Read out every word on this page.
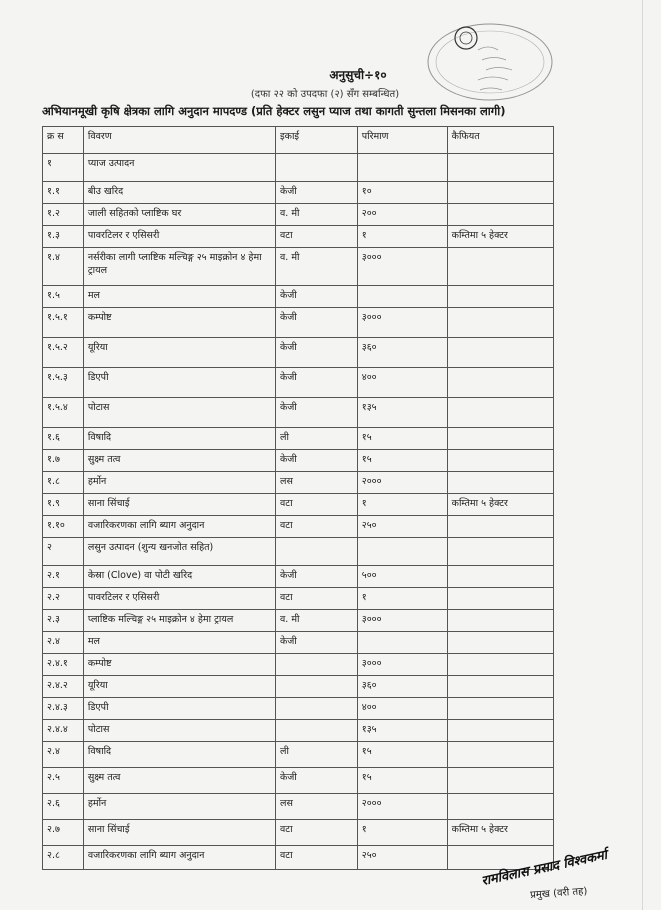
अनुसुची÷१०
(दफा २२ को उपदफा (२) सँग सम्बन्धित)
अभियानमूखी कृषि क्षेत्रका लागि अनुदान मापदण्ड (प्रति हेक्टर लसुन प्याज तथा कागती सुन्तला मिसनका लागी)
क्र स	विवरण	इकाई	परिमाण	कैफियत
१	प्याज उत्पादन			
१.१	बीउ खरिद	केजी	१०	
१.२	जाली सहितको प्लाष्टिक घर	व. मी	२००	
१.३	पावरटिलर र एसिसरी	वटा	१	कम्तिमा ५ हेक्टर
१.४	नर्सरीका लागी प्लाष्टिक मल्चिङ्ग २५ माइक्रोन ४ हेमा ट्रायल	व. मी	३०००	
१.५	मल	केजी		
१.५.१	कम्पोष्ट	केजी	३०००	
१.५.२	यूरिया	केजी	३६०	
१.५.३	डिएपी	केजी	४००	
१.५.४	पोटास	केजी	१३५	
१.६	विषादि	ली	१५	
१.७	सुक्ष्म तत्व	केजी	१५	
१.८	हर्मोन	लस	२०००	
१.९	साना सिंचाई	वटा	१	कम्तिमा ५ हेक्टर
१.१०	वजारिकरणका लागि ब्याग अनुदान	वटा	२५०	
२	लसुन उत्पादन (शुन्य खनजोत सहित)			
२.१	केस्रा (Clove) वा पोटी खरिद	केजी	५००	
२.२	पावरटिलर र एसिसरी	वटा	१	
२.३	प्लाष्टिक मल्चिङ्ग २५ माइक्रोन ४ हेमा ट्रायल	व. मी	३०००	
२.४	मल	केजी		
२.४.१	कम्पोष्ट		३०००	
२.४.२	यूरिया		३६०	
२.४.३	डिएपी		४००	
२.४.४	पोटास		१३५	
२.४	विषादि	ली	१५	
२.५	सुक्ष्म तत्व	केजी	१५	
२.६	हर्मोन	लस	२०००	
२.७	साना सिंचाई	वटा	१	कम्तिमा ५ हेक्टर
२.८	वजारिकरणका लागि ब्याग अनुदान	वटा	२५०		रामविलास प्रसाद विश्वकर्मा
प्रमुख (वरी तह)
